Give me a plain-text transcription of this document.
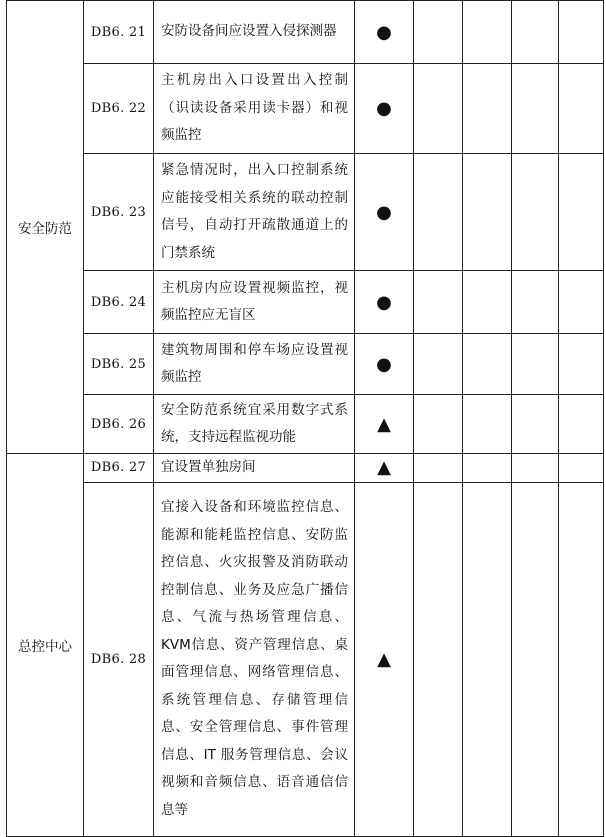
安全防范	DB6. 21	安防设备间应设置入侵探测器	●				
	DB6. 22	主机房出入口设置出入控制（识读设备采用读卡器）和视频监控	●				
	DB6. 23	紧急情况时，出入口控制系统应能接受相关系统的联动控制信号，自动打开疏散通道上的门禁系统	●				
	DB6. 24	主机房内应设置视频监控，视频监控应无盲区	●				
	DB6. 25	建筑物周围和停车场应设置视频监控	●				
	DB6. 26	安全防范系统宜采用数字式系统，支持远程监视功能	▲				
总控中心	DB6. 27	宜设置单独房间	▲				
	DB6. 28	宜接入设备和环境监控信息、能源和能耗监控信息、安防监控信息、火灾报警及消防联动控制信息、业务及应急广播信息、气流与热场管理信息、KVM信息、资产管理信息、桌面管理信息、网络管理信息、系统管理信息、存储管理信息、安全管理信息、事件管理信息、IT 服务管理信息、会议视频和音频信息、语音通信信息等	▲				
